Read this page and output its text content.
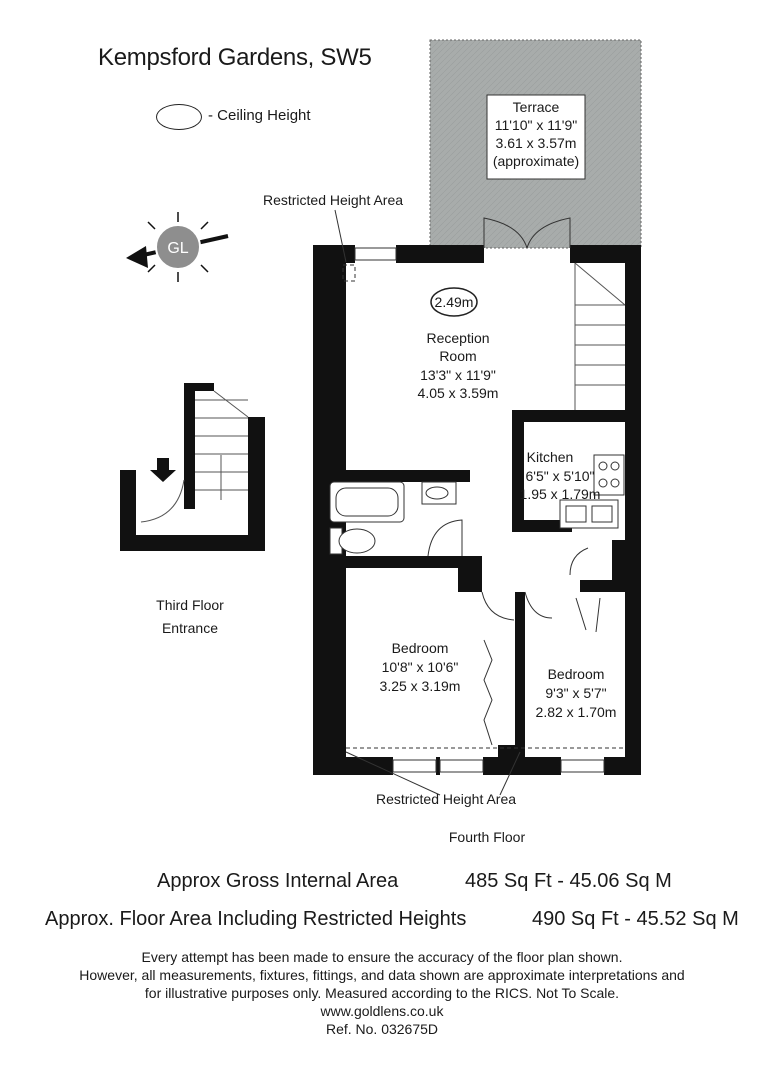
Kempsford Gardens, SW5
- Ceiling Height	Terrace
11'10" x 11'9"
3.61 x 3.57m
(approximate)
2.49m
Reception
Room
13'3" x 11'9"
4.05 x 3.59m
Kitchen
6'5" x 5'10"
1.95 x 1.79m
Bedroom
10'8" x 10'6"
3.25 x 3.19m
Bedroom
9'3" x 5'7"
2.82 x 1.70m
GL
Restricted Height Area
Restricted Height Area
Third Floor
Entrance
Fourth Floor
Approx Gross Internal Area	485 Sq Ft - 45.06 Sq M
Approx. Floor Area Including Restricted Heights	490 Sq Ft - 45.52 Sq M
Every attempt has been made to ensure the accuracy of the floor plan shown.
However, all measurements, fixtures, fittings, and data shown are approximate interpretations and
for illustrative purposes only. Measured according to the RICS. Not To Scale.
www.goldlens.co.uk
Ref. No. 032675D
